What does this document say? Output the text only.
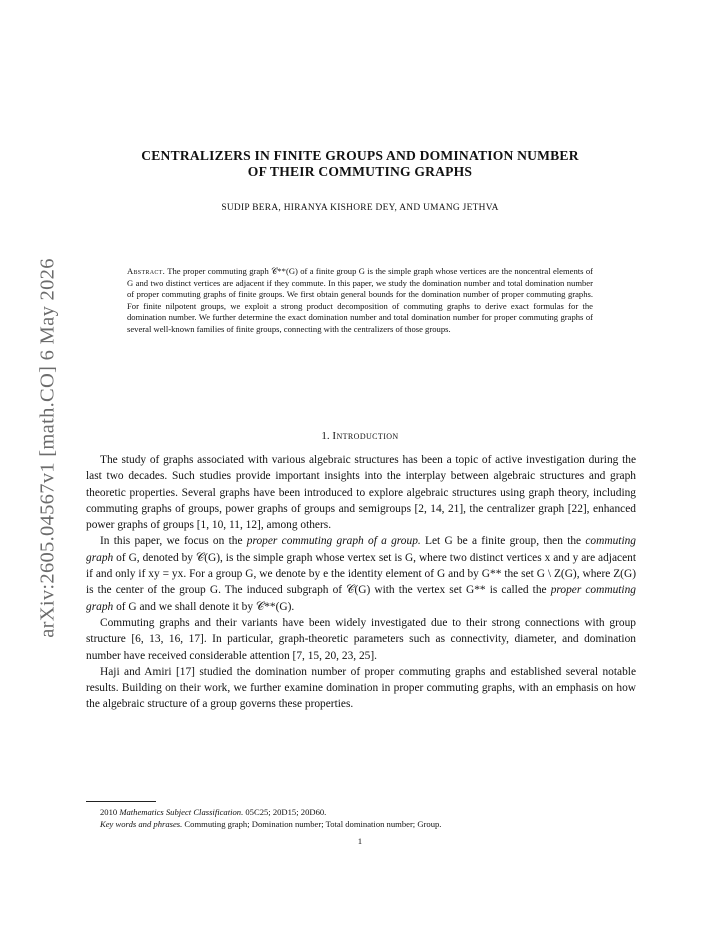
arXiv:2605.04567v1 [math.CO] 6 May 2026
CENTRALIZERS IN FINITE GROUPS AND DOMINATION NUMBER
OF THEIR COMMUTING GRAPHS
SUDIP BERA, HIRANYA KISHORE DEY, AND UMANG JETHVA
Abstract. The proper commuting graph 𝒞**(G) of a finite group G is the simple graph whose vertices are the noncentral elements of G and two distinct vertices are adjacent if they commute. In this paper, we study the domination number and total domination number of proper commuting graphs of finite groups. We first obtain general bounds for the domination number of proper commuting graphs. For finite nilpotent groups, we exploit a strong product decomposition of commuting graphs to derive exact formulas for the domination number. We further determine the exact domination number and total domination number for proper commuting graphs of several well-known families of finite groups, connecting with the centralizers of those groups.
1. Introduction

The study of graphs associated with various algebraic structures has been a topic of active investigation during the last two decades. Such studies provide important insights into the interplay between algebraic structures and graph theoretic properties. Several graphs have been introduced to explore algebraic structures using graph theory, including commuting graphs of groups, power graphs of groups and semigroups [2, 14, 21], the centralizer graph [22], enhanced power graphs of groups [1, 10, 11, 12], among others.

In this paper, we focus on the proper commuting graph of a group. Let G be a finite group, then the commuting graph of G, denoted by 𝒞(G), is the simple graph whose vertex set is G, where two distinct vertices x and y are adjacent if and only if xy = yx. For a group G, we denote by e the identity element of G and by G** the set G \ Z(G), where Z(G) is the center of the group G. The induced subgraph of 𝒞(G) with the vertex set G** is called the proper commuting graph of G and we shall denote it by 𝒞**(G).

Commuting graphs and their variants have been widely investigated due to their strong connections with group structure [6, 13, 16, 17]. In particular, graph-theoretic parameters such as connectivity, diameter, and domination number have received considerable attention [7, 15, 20, 23, 25].

Haji and Amiri [17] studied the domination number of proper commuting graphs and established several notable results. Building on their work, we further examine domination in proper commuting graphs, with an emphasis on how the algebraic structure of a group governs these properties.

2010 Mathematics Subject Classification. 05C25; 20D15; 20D60.
Key words and phrases. Commuting graph; Domination number; Total domination number; Group.
1
